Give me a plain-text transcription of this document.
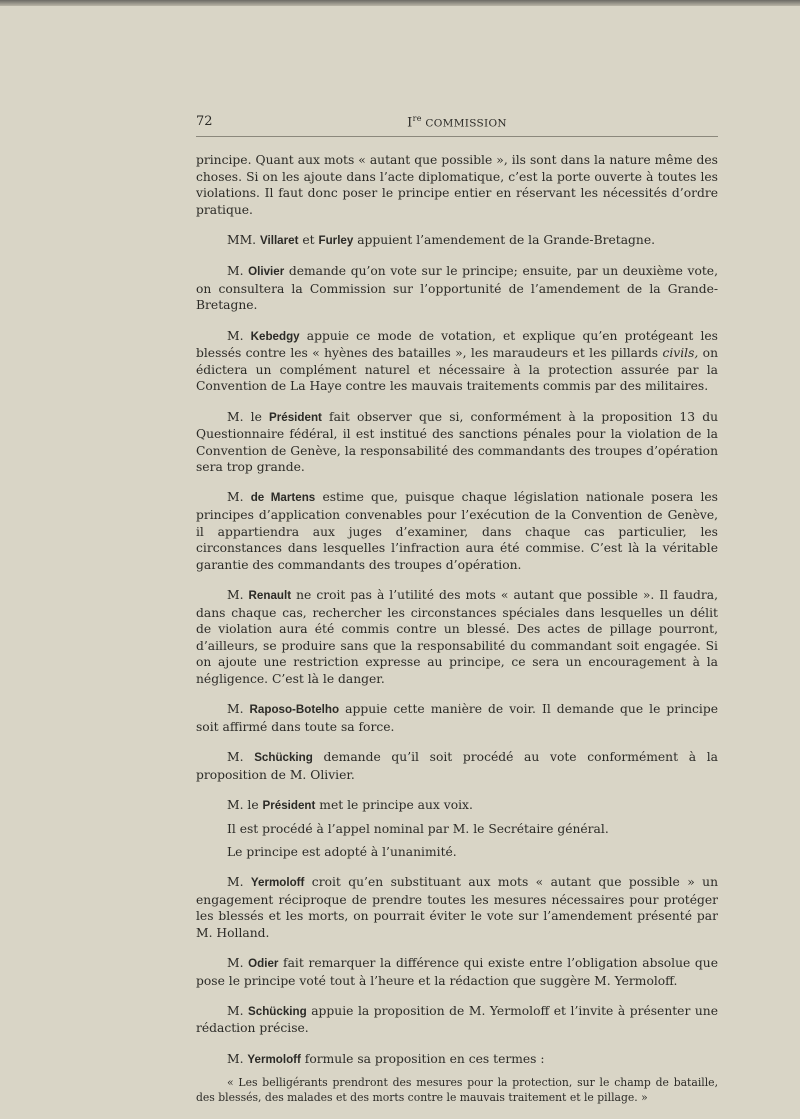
72	Ire COMMISSION

principe. Quant aux mots « autant que possible », ils sont dans la nature même des choses. Si on les ajoute dans l’acte diplomatique, c’est la porte ouverte à toutes les violations. Il faut donc poser le principe entier en réservant les nécessités d’ordre pratique.

MM. Villaret et Furley appuient l’amendement de la Grande-Bretagne.

M. Olivier demande qu’on vote sur le principe; ensuite, par un deuxième vote, on consultera la Commission sur l’opportunité de l’amendement de la Grande-Bretagne.

M. Kebedgy appuie ce mode de votation, et explique qu’en protégeant les blessés contre les « hyènes des batailles », les maraudeurs et les pillards civils, on édictera un complément naturel et nécessaire à la protection assurée par la Convention de La Haye contre les mauvais traitements commis par des militaires.

M. le Président fait observer que si, conformément à la proposition 13 du Questionnaire fédéral, il est institué des sanctions pénales pour la violation de la Convention de Genève, la responsabilité des commandants des troupes d’opération sera trop grande.

M. de Martens estime que, puisque chaque législation nationale posera les principes d’application convenables pour l’exécution de la Convention de Genève, il appartiendra aux juges d’examiner, dans chaque cas particulier, les circonstances dans lesquelles l’infraction aura été commise. C’est là la véritable garantie des commandants des troupes d’opération.

M. Renault ne croit pas à l’utilité des mots « autant que possible ». Il faudra, dans chaque cas, rechercher les circonstances spéciales dans lesquelles un délit de violation aura été commis contre un blessé. Des actes de pillage pourront, d’ailleurs, se produire sans que la responsabilité du commandant soit engagée. Si on ajoute une restriction expresse au principe, ce sera un encouragement à la négligence. C’est là le danger.

M. Raposo-Botelho appuie cette manière de voir. Il demande que le principe soit affirmé dans toute sa force.

M. Schücking demande qu’il soit procédé au vote conformément à la proposition de M. Olivier.

M. le Président met le principe aux voix.

Il est procédé à l’appel nominal par M. le Secrétaire général.

Le principe est adopté à l’unanimité.

M. Yermoloff croit qu’en substituant aux mots « autant que possible » un engagement réciproque de prendre toutes les mesures nécessaires pour protéger les blessés et les morts, on pourrait éviter le vote sur l’amendement présenté par M. Holland.

M. Odier fait remarquer la différence qui existe entre l’obligation absolue que pose le principe voté tout à l’heure et la rédaction que suggère M. Yermoloff.

M. Schücking appuie la proposition de M. Yermoloff et l’invite à présenter une rédaction précise.

M. Yermoloff formule sa proposition en ces termes :

« Les belligérants prendront des mesures pour la protection, sur le champ de bataille, des blessés, des malades et des morts contre le mauvais traitement et le pillage. »
